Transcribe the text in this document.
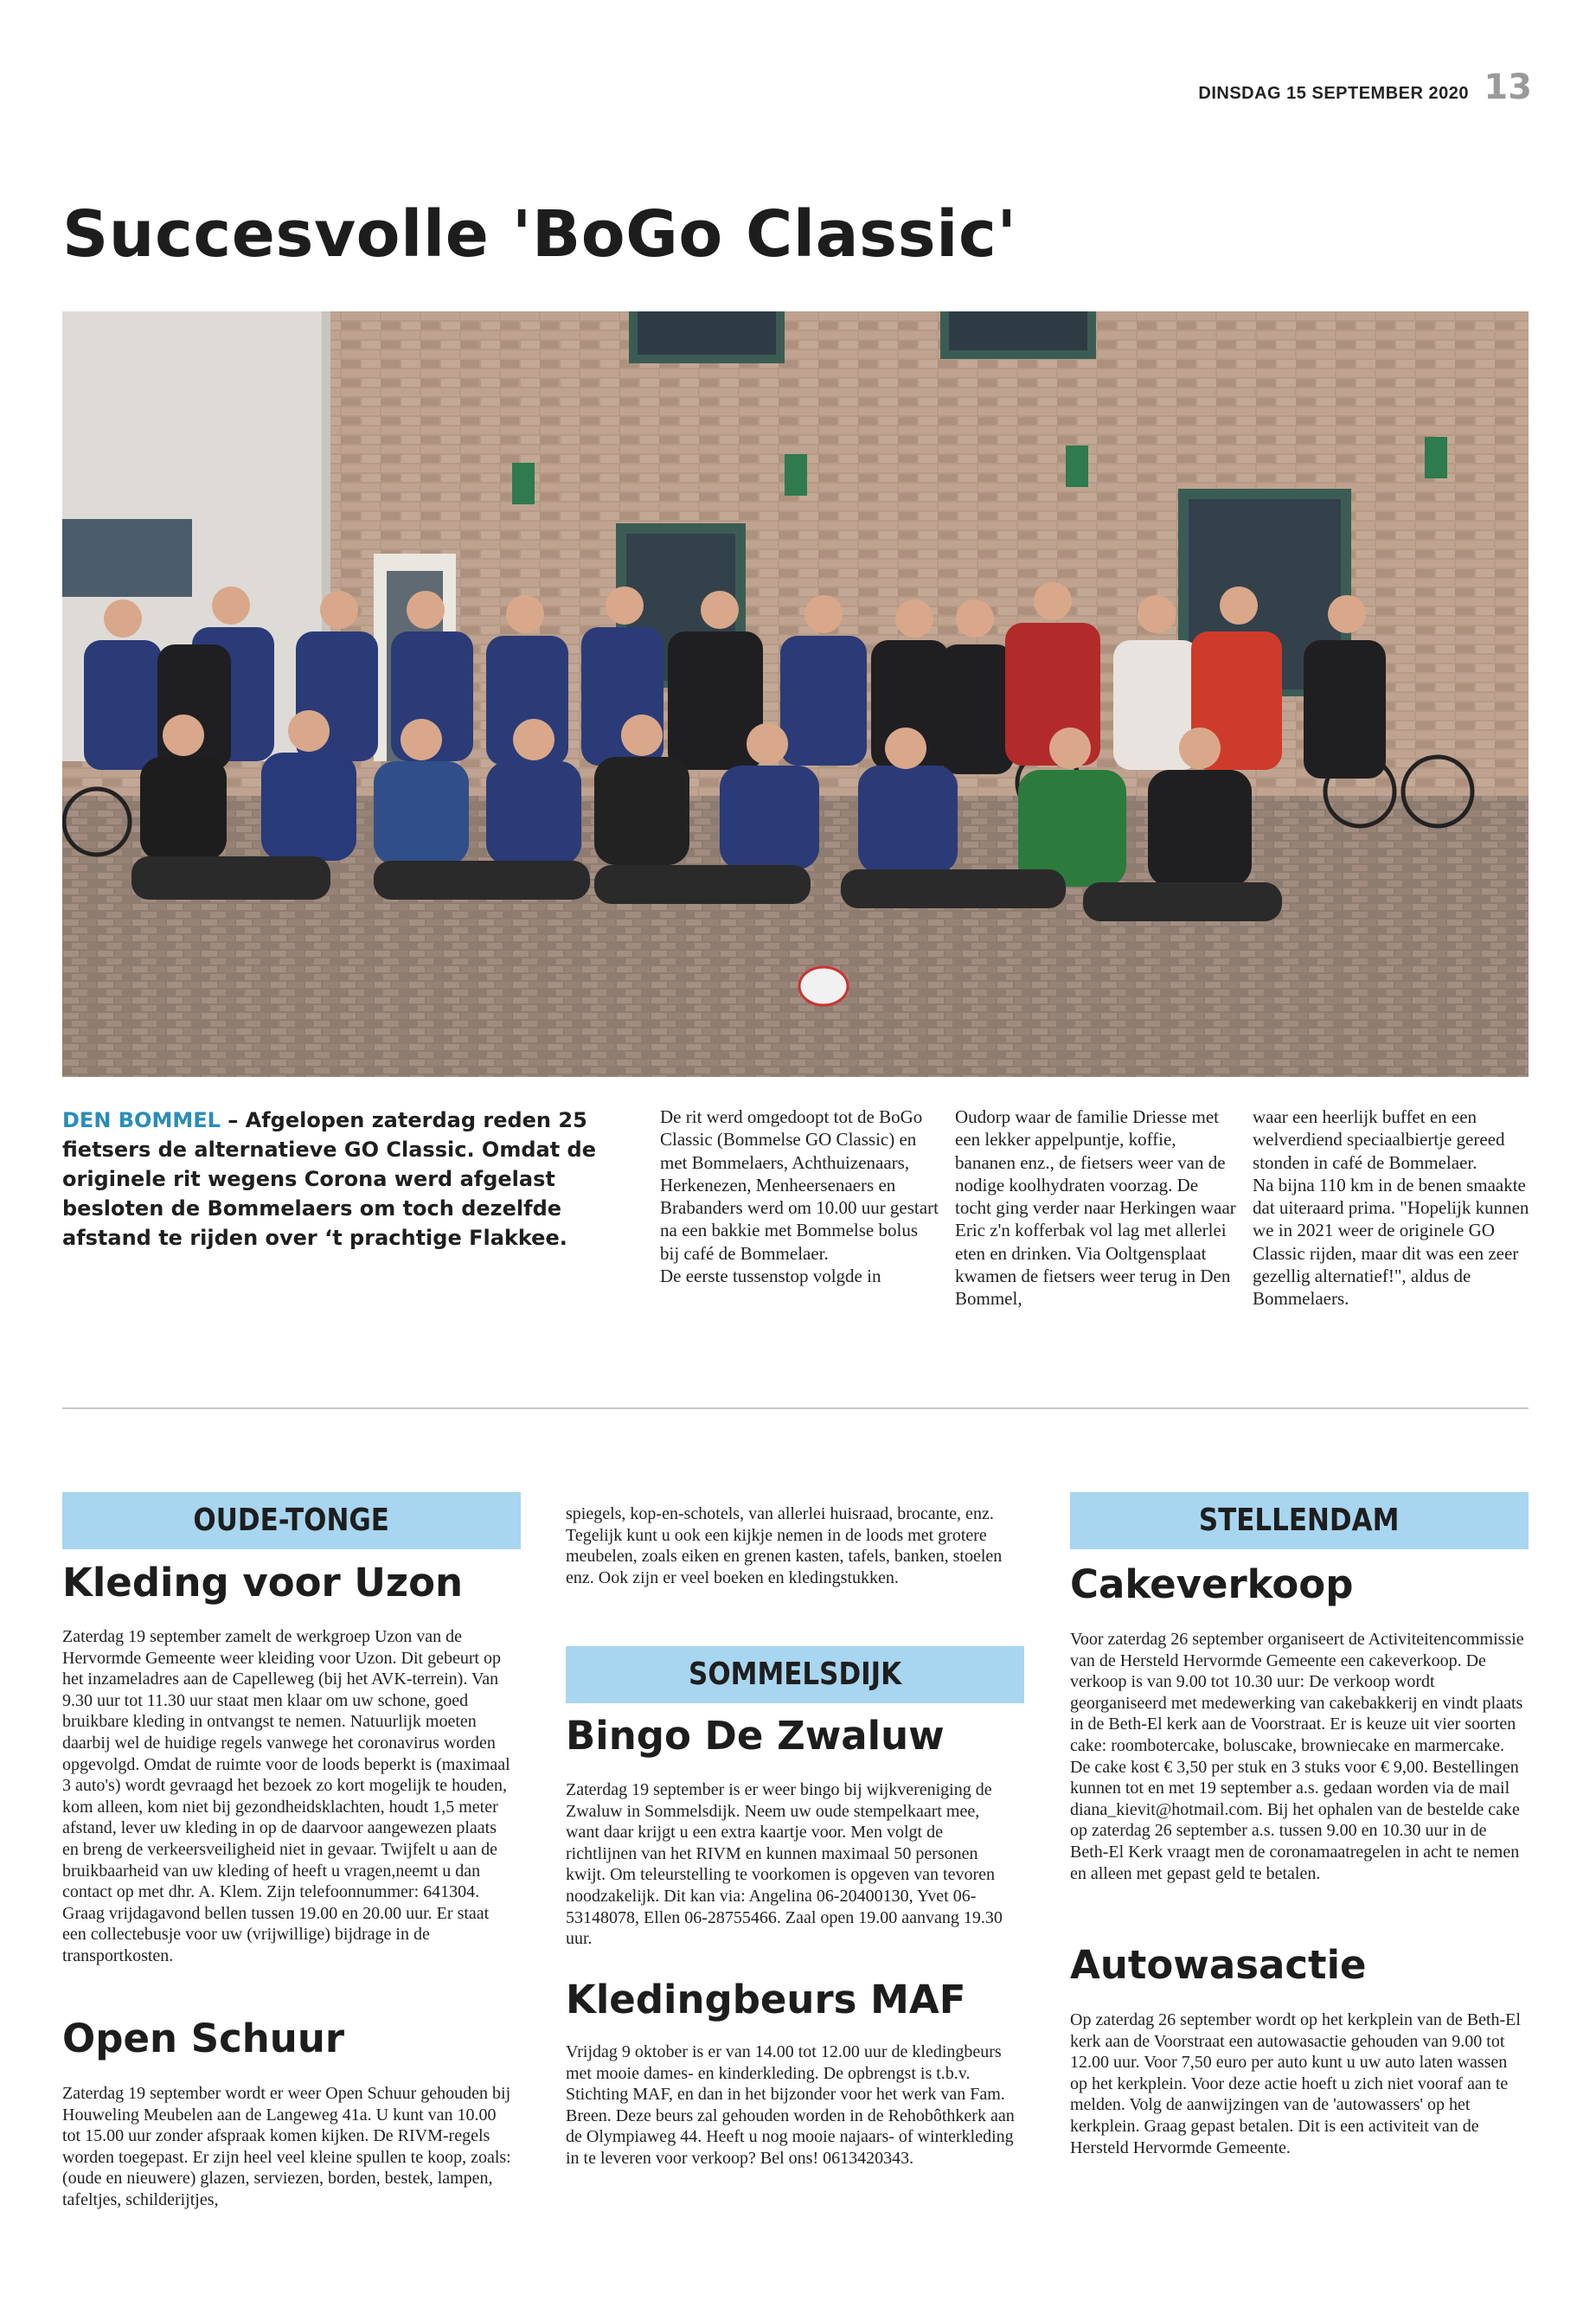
DINSDAG 15 SEPTEMBER 2020 13
Succesvolle 'BoGo Classic'
DEN BOMMEL – Afgelopen zaterdag reden 25 fietsers de alternatieve GO Classic. Omdat de originele rit wegens Corona werd afgelast besloten de Bommelaers om toch dezelfde afstand te rijden over ‘t prachtige Flakkee.
De rit werd omgedoopt tot de BoGo Classic (Bommelse GO Classic) en met Bommelaers, Achthuizenaars, Herkenezen, Menheersenaers en Brabanders werd om 10.00 uur gestart na een bakkie met Bommelse bolus bij café de Bommelaer.
De eerste tussenstop volgde in
Oudorp waar de familie Driesse met een lekker appelpuntje, koffie, bananen enz., de fietsers weer van de nodige koolhydraten voorzag. De tocht ging verder naar Herkingen waar Eric z'n kofferbak vol lag met allerlei eten en drinken. Via Ooltgensplaat kwamen de fietsers weer terug in Den Bommel,
waar een heerlijk buffet en een welverdiend speciaalbiertje gereed stonden in café de Bommelaer.
Na bijna 110 km in de benen smaakte dat uiteraard prima. "Hopelijk kunnen we in 2021 weer de originele GO Classic rijden, maar dit was een zeer gezellig alternatief!", aldus de Bommelaers.
OUDE-TONGE
Kleding voor Uzon
Zaterdag 19 september zamelt de werkgroep Uzon van de Hervormde Gemeente weer kleiding voor Uzon. Dit gebeurt op het inzameladres aan de Capelleweg (bij het AVK-terrein). Van 9.30 uur tot 11.30 uur staat men klaar om uw schone, goed bruikbare kleding in ontvangst te nemen. Natuurlijk moeten daarbij wel de huidige regels vanwege het coronavirus worden opgevolgd. Omdat de ruimte voor de loods beperkt is (maximaal 3 auto's) wordt gevraagd het bezoek zo kort mogelijk te houden, kom alleen, kom niet bij gezondheidsklachten, houdt 1,5 meter afstand, lever uw kleding in op de daarvoor aangewezen plaats en breng de verkeersveiligheid niet in gevaar. Twijfelt u aan de bruikbaarheid van uw kleding of heeft u vragen,neemt u dan contact op met dhr. A. Klem. Zijn telefoonnummer: 641304. Graag vrijdagavond bellen tussen 19.00 en 20.00 uur. Er staat een collectebusje voor uw (vrijwillige) bijdrage in de transportkosten.
Open Schuur
Zaterdag 19 september wordt er weer Open Schuur gehouden bij Houweling Meubelen aan de Langeweg 41a. U kunt van 10.00 tot 15.00 uur zonder afspraak komen kijken. De RIVM-regels worden toegepast. Er zijn heel veel kleine spullen te koop, zoals: (oude en nieuwere) glazen, serviezen, borden, bestek, lampen, tafeltjes, schilderijtjes,
spiegels, kop-en-schotels, van allerlei huisraad, brocante, enz. Tegelijk kunt u ook een kijkje nemen in de loods met grotere meubelen, zoals eiken en grenen kasten, tafels, banken, stoelen enz. Ook zijn er veel boeken en kledingstukken.
SOMMELSDIJK
Bingo De Zwaluw
Zaterdag 19 september is er weer bingo bij wijkvereniging de Zwaluw in Sommelsdijk. Neem uw oude stempelkaart mee, want daar krijgt u een extra kaartje voor. Men volgt de richtlijnen van het RIVM en kunnen maximaal 50 personen kwijt. Om teleurstelling te voorkomen is opgeven van tevoren noodzakelijk. Dit kan via: Angelina 06-20400130, Yvet 06-53148078, Ellen 06-28755466. Zaal open 19.00 aanvang 19.30 uur.
Kledingbeurs MAF
Vrijdag 9 oktober is er van 14.00 tot 12.00 uur de kledingbeurs met mooie dames- en kinderkleding. De opbrengst is t.b.v. Stichting MAF, en dan in het bijzonder voor het werk van Fam. Breen. Deze beurs zal gehouden worden in de Rehobôthkerk aan de Olympiaweg 44. Heeft u nog mooie najaars- of winterkleding in te leveren voor verkoop? Bel ons! 0613420343.
STELLENDAM
Cakeverkoop
Voor zaterdag 26 september organiseert de Activiteitencommissie van de Hersteld Hervormde Gemeente een cakeverkoop. De verkoop is van 9.00 tot 10.30 uur: De verkoop wordt georganiseerd met medewerking van cakebakkerij en vindt plaats in de Beth-El kerk aan de Voorstraat. Er is keuze uit vier soorten cake: roombotercake, boluscake, browniecake en marmercake. De cake kost € 3,50 per stuk en 3 stuks voor € 9,00. Bestellingen kunnen tot en met 19 september a.s. gedaan worden via de mail diana_kievit@hotmail.com. Bij het ophalen van de bestelde cake op zaterdag 26 september a.s. tussen 9.00 en 10.30 uur in de Beth-El Kerk vraagt men de coronamaatregelen in acht te nemen en alleen met gepast geld te betalen.
Autowasactie
Op zaterdag 26 september wordt op het kerkplein van de Beth-El kerk aan de Voorstraat een autowasactie gehouden van 9.00 tot 12.00 uur. Voor 7,50 euro per auto kunt u uw auto laten wassen op het kerkplein. Voor deze actie hoeft u zich niet vooraf aan te melden. Volg de aanwijzingen van de 'autowassers' op het kerkplein. Graag gepast betalen. Dit is een activiteit van de Hersteld Hervormde Gemeente.
